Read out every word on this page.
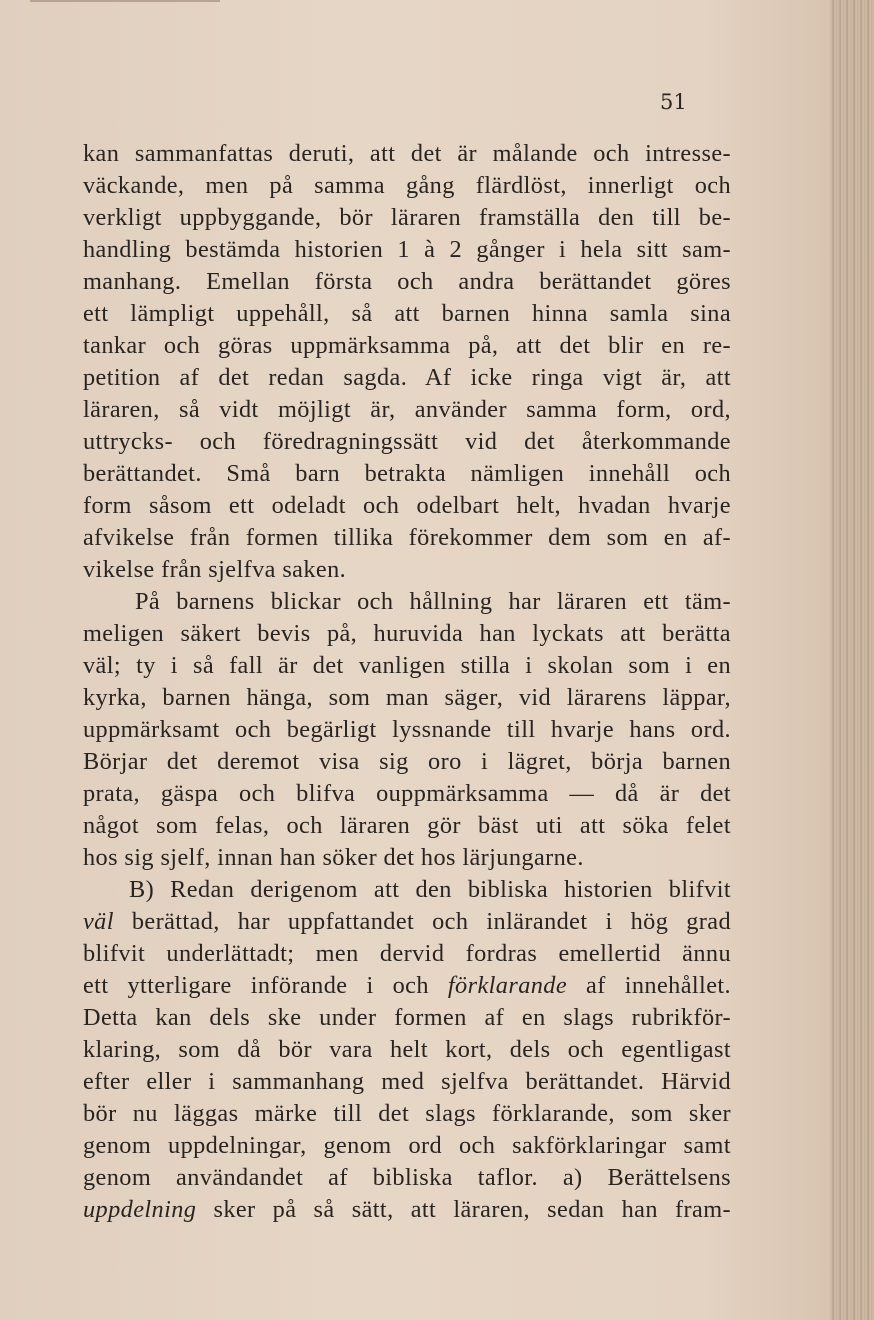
51
kan sammanfattas deruti, att det är målande och intresse-
väckande, men på samma gång flärdlöst, innerligt och
verkligt uppbyggande, bör läraren framställa den till be-
handling bestämda historien 1 à 2 gånger i hela sitt sam-
manhang. Emellan första och andra berättandet göres
ett lämpligt uppehåll, så att barnen hinna samla sina
tankar och göras uppmärksamma på, att det blir en re-
petition af det redan sagda. Af icke ringa vigt är, att
läraren, så vidt möjligt är, använder samma form, ord,
uttrycks- och föredragningssätt vid det återkommande
berättandet. Små barn betrakta nämligen innehåll och
form såsom ett odeladt och odelbart helt, hvadan hvarje
afvikelse från formen tillika förekommer dem som en af-
vikelse från sjelfva saken.
På barnens blickar och hållning har läraren ett täm-
meligen säkert bevis på, huruvida han lyckats att berätta
väl; ty i så fall är det vanligen stilla i skolan som i en
kyrka, barnen hänga, som man säger, vid lärarens läppar,
uppmärksamt och begärligt lyssnande till hvarje hans ord.
Börjar det deremot visa sig oro i lägret, börja barnen
prata, gäspa och blifva ouppmärksamma — då är det
något som felas, och läraren gör bäst uti att söka felet
hos sig sjelf, innan han söker det hos lärjungarne.
B) Redan derigenom att den bibliska historien blifvit
väl berättad, har uppfattandet och inlärandet i hög grad
blifvit underlättadt; men dervid fordras emellertid ännu
ett ytterligare införande i och förklarande af innehållet.
Detta kan dels ske under formen af en slags rubrikför-
klaring, som då bör vara helt kort, dels och egentligast
efter eller i sammanhang med sjelfva berättandet. Härvid
bör nu läggas märke till det slags förklarande, som sker
genom uppdelningar, genom ord och sakförklaringar samt
genom användandet af bibliska taflor. a) Berättelsens
uppdelning sker på så sätt, att läraren, sedan han fram-
